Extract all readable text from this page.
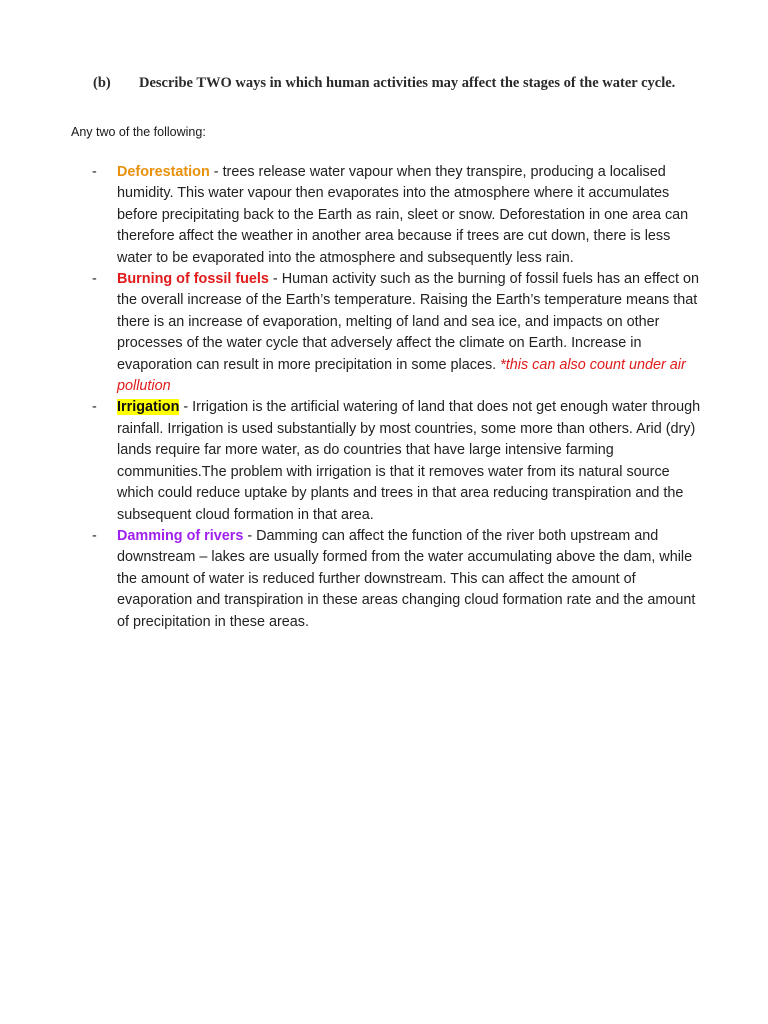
(b) Describe TWO ways in which human activities may affect the stages of the water cycle.
Any two of the following:
- Deforestation - trees release water vapour when they transpire, producing a localised humidity. This water vapour then evaporates into the atmosphere where it accumulates before precipitating back to the Earth as rain, sleet or snow. Deforestation in one area can therefore affect the weather in another area because if trees are cut down, there is less water to be evaporated into the atmosphere and subsequently less rain.
- Burning of fossil fuels - Human activity such as the burning of fossil fuels has an effect on the overall increase of the Earth’s temperature. Raising the Earth’s temperature means that there is an increase of evaporation, melting of land and sea ice, and impacts on other processes of the water cycle that adversely affect the climate on Earth. Increase in evaporation can result in more precipitation in some places. *this can also count under air pollution
- Irrigation - Irrigation is the artificial watering of land that does not get enough water through rainfall. Irrigation is used substantially by most countries, some more than others. Arid (dry) lands require far more water, as do countries that have large intensive farming communities.The problem with irrigation is that it removes water from its natural source which could reduce uptake by plants and trees in that area reducing transpiration and the subsequent cloud formation in that area.
- Damming of rivers - Damming can affect the function of the river both upstream and downstream – lakes are usually formed from the water accumulating above the dam, while the amount of water is reduced further downstream. This can affect the amount of evaporation and transpiration in these areas changing cloud formation rate and the amount of precipitation in these areas.
